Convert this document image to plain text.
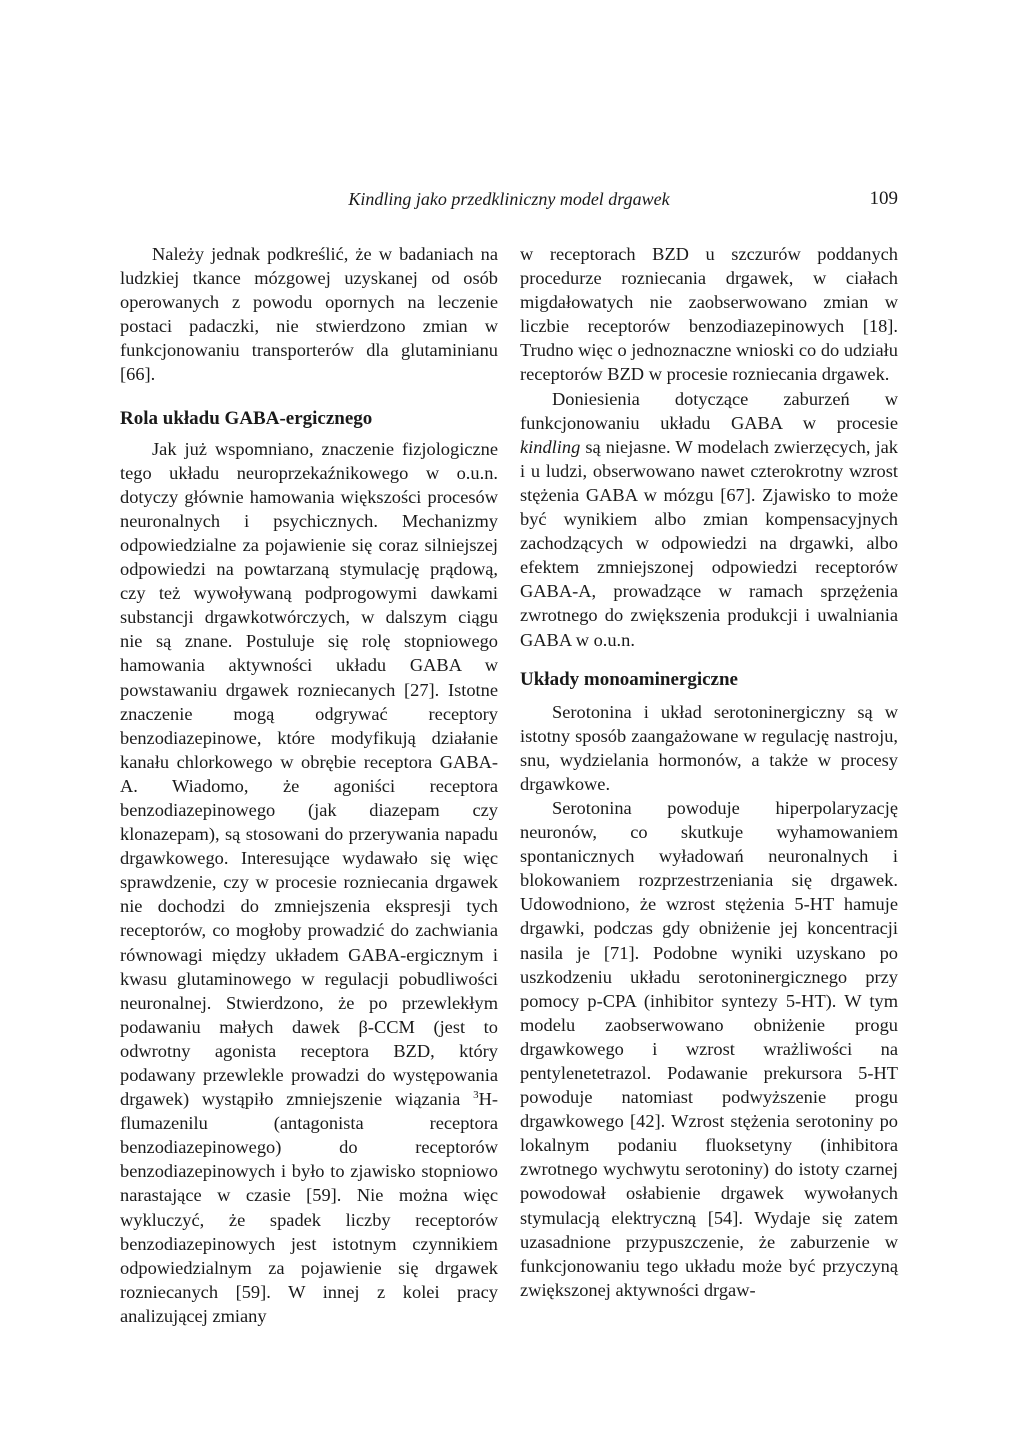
Kindling jako przedkliniczny model drgawek	109

Należy jednak podkreślić, że w badaniach na ludzkiej tkance mózgowej uzyskanej od osób operowanych z powodu opornych na leczenie postaci padaczki, nie stwierdzono zmian w funkcjonowaniu transporterów dla glutaminianu [66].

Rola układu GABA-ergicznego

Jak już wspomniano, znaczenie fizjologiczne tego układu neuroprzekaźnikowego w o.u.n. dotyczy głównie hamowania większości procesów neuronalnych i psychicznych. Mechanizmy odpowiedzialne za pojawienie się coraz silniejszej odpowiedzi na powtarzaną stymulację prądową, czy też wywoływaną podprogowymi dawkami substancji drgawkotwórczych, w dalszym ciągu nie są znane. Postuluje się rolę stopniowego hamowania aktywności układu GABA w powstawaniu drgawek rozniecanych [27]. Istotne znaczenie mogą odgrywać receptory benzodiazepinowe, które modyfikują działanie kanału chlorkowego w obrębie receptora GABA-A. Wiadomo, że agoniści receptora benzodiazepinowego (jak diazepam czy klonazepam), są stosowani do przerywania napadu drgawkowego. Interesujące wydawało się więc sprawdzenie, czy w procesie rozniecania drgawek nie dochodzi do zmniejszenia ekspresji tych receptorów, co mogłoby prowadzić do zachwiania równowagi między układem GABA-ergicznym i kwasu glutaminowego w regulacji pobudliwości neuronalnej. Stwierdzono, że po przewlekłym podawaniu małych dawek β-CCM (jest to odwrotny agonista receptora BZD, który podawany przewlekle prowadzi do występowania drgawek) wystąpiło zmniejszenie wiązania $^3$H-flumazenilu (antagonista receptora benzodiazepinowego) do receptorów benzodiazepinowych i było to zjawisko stopniowo narastające w czasie [59]. Nie można więc wykluczyć, że spadek liczby receptorów benzodiazepinowych jest istotnym czynnikiem odpowiedzialnym za pojawienie się drgawek rozniecanych [59]. W innej z kolei pracy analizującej zmiany

w receptorach BZD u szczurów poddanych procedurze rozniecania drgawek, w ciałach migdałowatych nie zaobserwowano zmian w liczbie receptorów benzodiazepinowych [18]. Trudno więc o jednoznaczne wnioski co do udziału receptorów BZD w procesie rozniecania drgawek.

Doniesienia dotyczące zaburzeń w funkcjonowaniu układu GABA w procesie kindling są niejasne. W modelach zwierzęcych, jak i u ludzi, obserwowano nawet czterokrotny wzrost stężenia GABA w mózgu [67]. Zjawisko to może być wynikiem albo zmian kompensacyjnych zachodzących w odpowiedzi na drgawki, albo efektem zmniejszonej odpowiedzi receptorów GABA-A, prowadzące w ramach sprzężenia zwrotnego do zwiększenia produkcji i uwalniania GABA w o.u.n.

Układy monoaminergiczne

Serotonina i układ serotoninergiczny są w istotny sposób zaangażowane w regulację nastroju, snu, wydzielania hormonów, a także w procesy drgawkowe.

Serotonina powoduje hiperpolaryzację neuronów, co skutkuje wyhamowaniem spontanicznych wyładowań neuronalnych i blokowaniem rozprzestrzeniania się drgawek. Udowodniono, że wzrost stężenia 5-HT hamuje drgawki, podczas gdy obniżenie jej koncentracji nasila je [71]. Podobne wyniki uzyskano po uszkodzeniu układu serotoninergicznego przy pomocy p-CPA (inhibitor syntezy 5-HT). W tym modelu zaobserwowano obniżenie progu drgawkowego i wzrost wrażliwości na pentylenetetrazol. Podawanie prekursora 5-HT powoduje natomiast podwyższenie progu drgawkowego [42]. Wzrost stężenia serotoniny po lokalnym podaniu fluoksetyny (inhibitora zwrotnego wychwytu serotoniny) do istoty czarnej powodował osłabienie drgawek wywołanych stymulacją elektryczną [54]. Wydaje się zatem uzasadnione przypuszczenie, że zaburzenie w funkcjonowaniu tego układu może być przyczyną zwiększonej aktywności drgaw-
